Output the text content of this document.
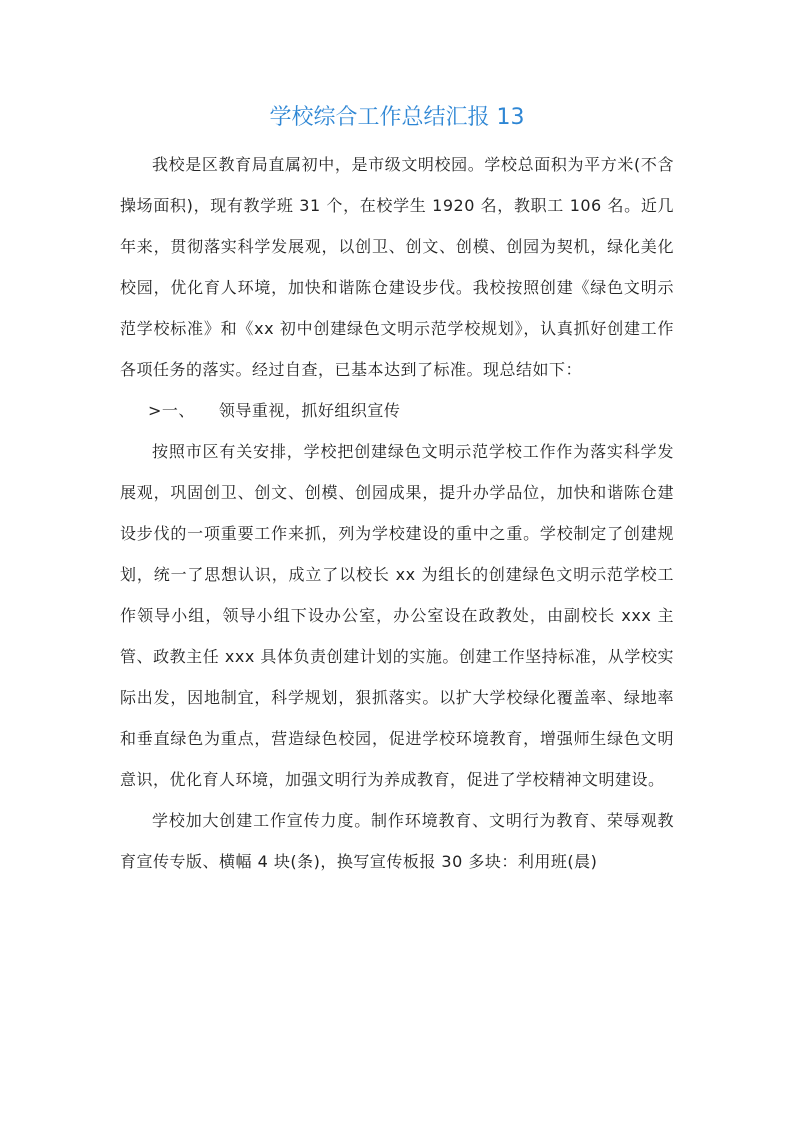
学校综合工作总结汇报 13

我校是区教育局直属初中，是市级文明校园。学校总面积为平方米(不含操场面积)，现有教学班 31 个，在校学生 1920 名，教职工 106 名。近几年来，贯彻落实科学发展观，以创卫、创文、创模、创园为契机，绿化美化校园，优化育人环境，加快和谐陈仓建设步伐。我校按照创建《绿色文明示范学校标准》和《xx 初中创建绿色文明示范学校规划》，认真抓好创建工作各项任务的落实。经过自查，已基本达到了标准。现总结如下：

>一、 领导重视，抓好组织宣传

按照市区有关安排，学校把创建绿色文明示范学校工作作为落实科学发展观，巩固创卫、创文、创模、创园成果，提升办学品位，加快和谐陈仓建设步伐的一项重要工作来抓，列为学校建设的重中之重。学校制定了创建规划，统一了思想认识，成立了以校长 xx 为组长的创建绿色文明示范学校工作领导小组，领导小组下设办公室，办公室设在政教处，由副校长 xxx 主管、政教主任 xxx 具体负责创建计划的实施。创建工作坚持标准，从学校实际出发，因地制宜，科学规划，狠抓落实。以扩大学校绿化覆盖率、绿地率和垂直绿色为重点，营造绿色校园，促进学校环境教育，增强师生绿色文明意识，优化育人环境，加强文明行为养成教育，促进了学校精神文明建设。

学校加大创建工作宣传力度。制作环境教育、文明行为教育、荣辱观教育宣传专版、横幅 4 块(条)，换写宣传板报 30 多块：利用班(晨)
